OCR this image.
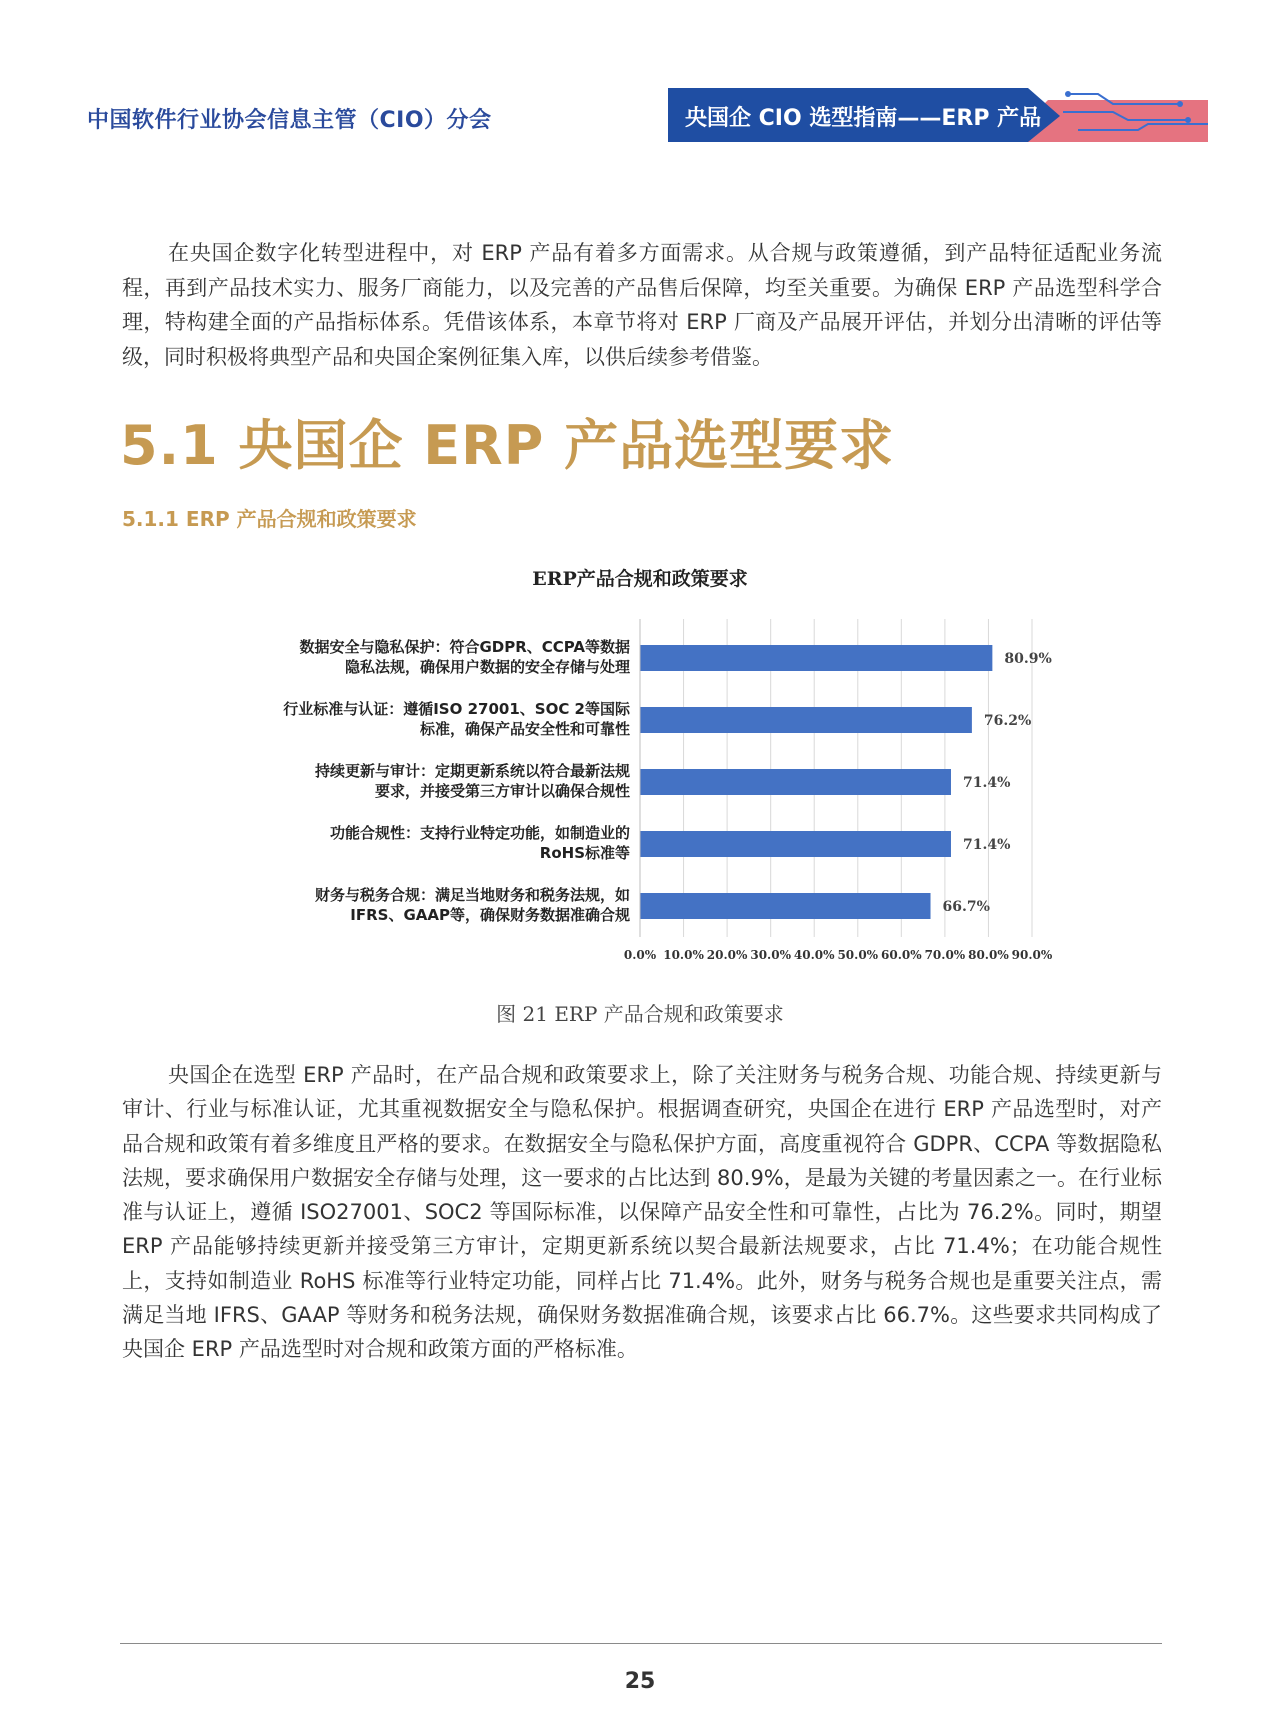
中国软件行业协会信息主管（CIO）分会	央国企 CIO 选型指南——ERP 产品

在央国企数字化转型进程中，对 ERP 产品有着多方面需求。从合规与政策遵循，到产品特征适配业务流程，再到产品技术实力、服务厂商能力，以及完善的产品售后保障，均至关重要。为确保 ERP 产品选型科学合理，特构建全面的产品指标体系。凭借该体系，本章节将对 ERP 厂商及产品展开评估，并划分出清晰的评估等级，同时积极将典型产品和央国企案例征集入库，以供后续参考借鉴。

5.1 央国企 ERP 产品选型要求
5.1.1 ERP 产品合规和政策要求
ERP产品合规和政策要求
0.0% 10.0% 20.0% 30.0% 40.0% 50.0% 60.0% 70.0% 80.0% 90.0%
80.9%
数据安全与隐私保护：符合GDPR、CCPA等数据
隐私法规，确保用户数据的安全存储与处理
76.2%
行业标准与认证：遵循ISO 27001、SOC 2等国际
标准，确保产品安全性和可靠性
71.4%
持续更新与审计：定期更新系统以符合最新法规
要求，并接受第三方审计以确保合规性
71.4%
功能合规性：支持行业特定功能，如制造业的
RoHS标准等
66.7%
财务与税务合规：满足当地财务和税务法规，如
IFRS、GAAP等，确保财务数据准确合规
图 21 ERP 产品合规和政策要求

央国企在选型 ERP 产品时，在产品合规和政策要求上，除了关注财务与税务合规、功能合规、持续更新与审计、行业与标准认证，尤其重视数据安全与隐私保护。根据调查研究，央国企在进行 ERP 产品选型时，对产品合规和政策有着多维度且严格的要求。在数据安全与隐私保护方面，高度重视符合 GDPR、CCPA 等数据隐私法规，要求确保用户数据安全存储与处理，这一要求的占比达到 80.9%，是最为关键的考量因素之一。在行业标准与认证上，遵循 ISO27001、SOC2 等国际标准，以保障产品安全性和可靠性，占比为 76.2%。同时，期望 ERP 产品能够持续更新并接受第三方审计，定期更新系统以契合最新法规要求，占比 71.4%；在功能合规性上，支持如制造业 RoHS 标准等行业特定功能，同样占比 71.4%。此外，财务与税务合规也是重要关注点，需满足当地 IFRS、GAAP 等财务和税务法规，确保财务数据准确合规，该要求占比 66.7%。这些要求共同构成了央国企 ERP 产品选型时对合规和政策方面的严格标准。

25
